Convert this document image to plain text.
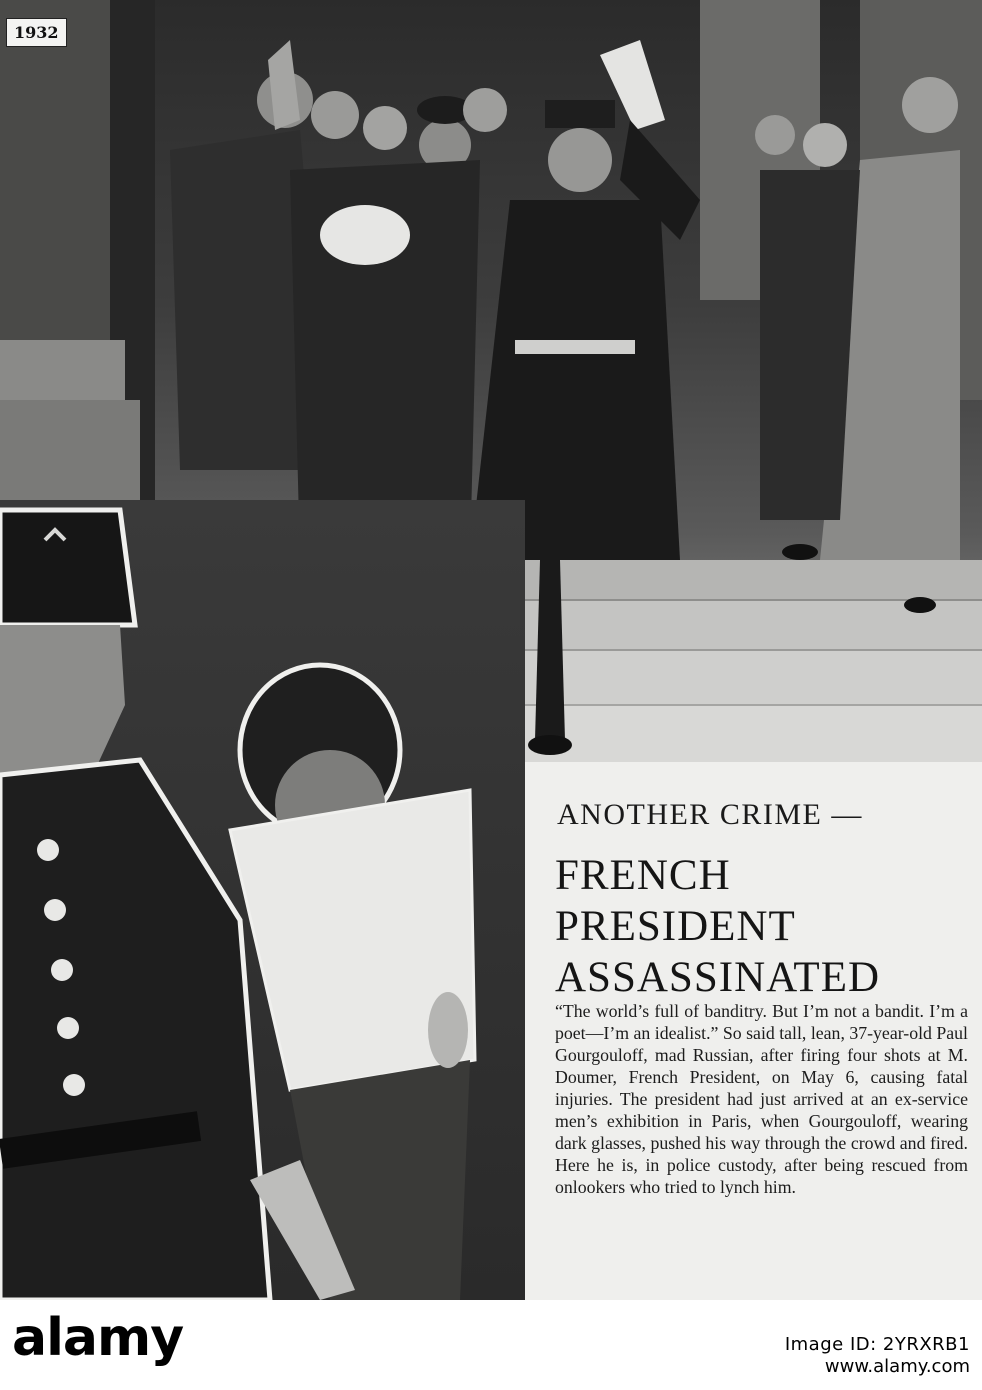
1932
ANOTHER CRIME —
FRENCH
PRESIDENT
ASSASSINATED
“The world’s full of banditry. But I’m not a bandit. I’m a poet—I’m an idealist.” So said tall, lean, 37-year-old Paul Gourgouloff, mad Russian, after firing four shots at M. Doumer, French President, on May 6, causing fatal injuries. The president had just arrived at an ex-service men’s exhibition in Paris, when Gourgouloff, wearing dark glasses, pushed his way through the crowd and fired. Here he is, in police custody, after being rescued from onlookers who tried to lynch him.
alamy	Image ID: 2YRXRB1
www.alamy.com
